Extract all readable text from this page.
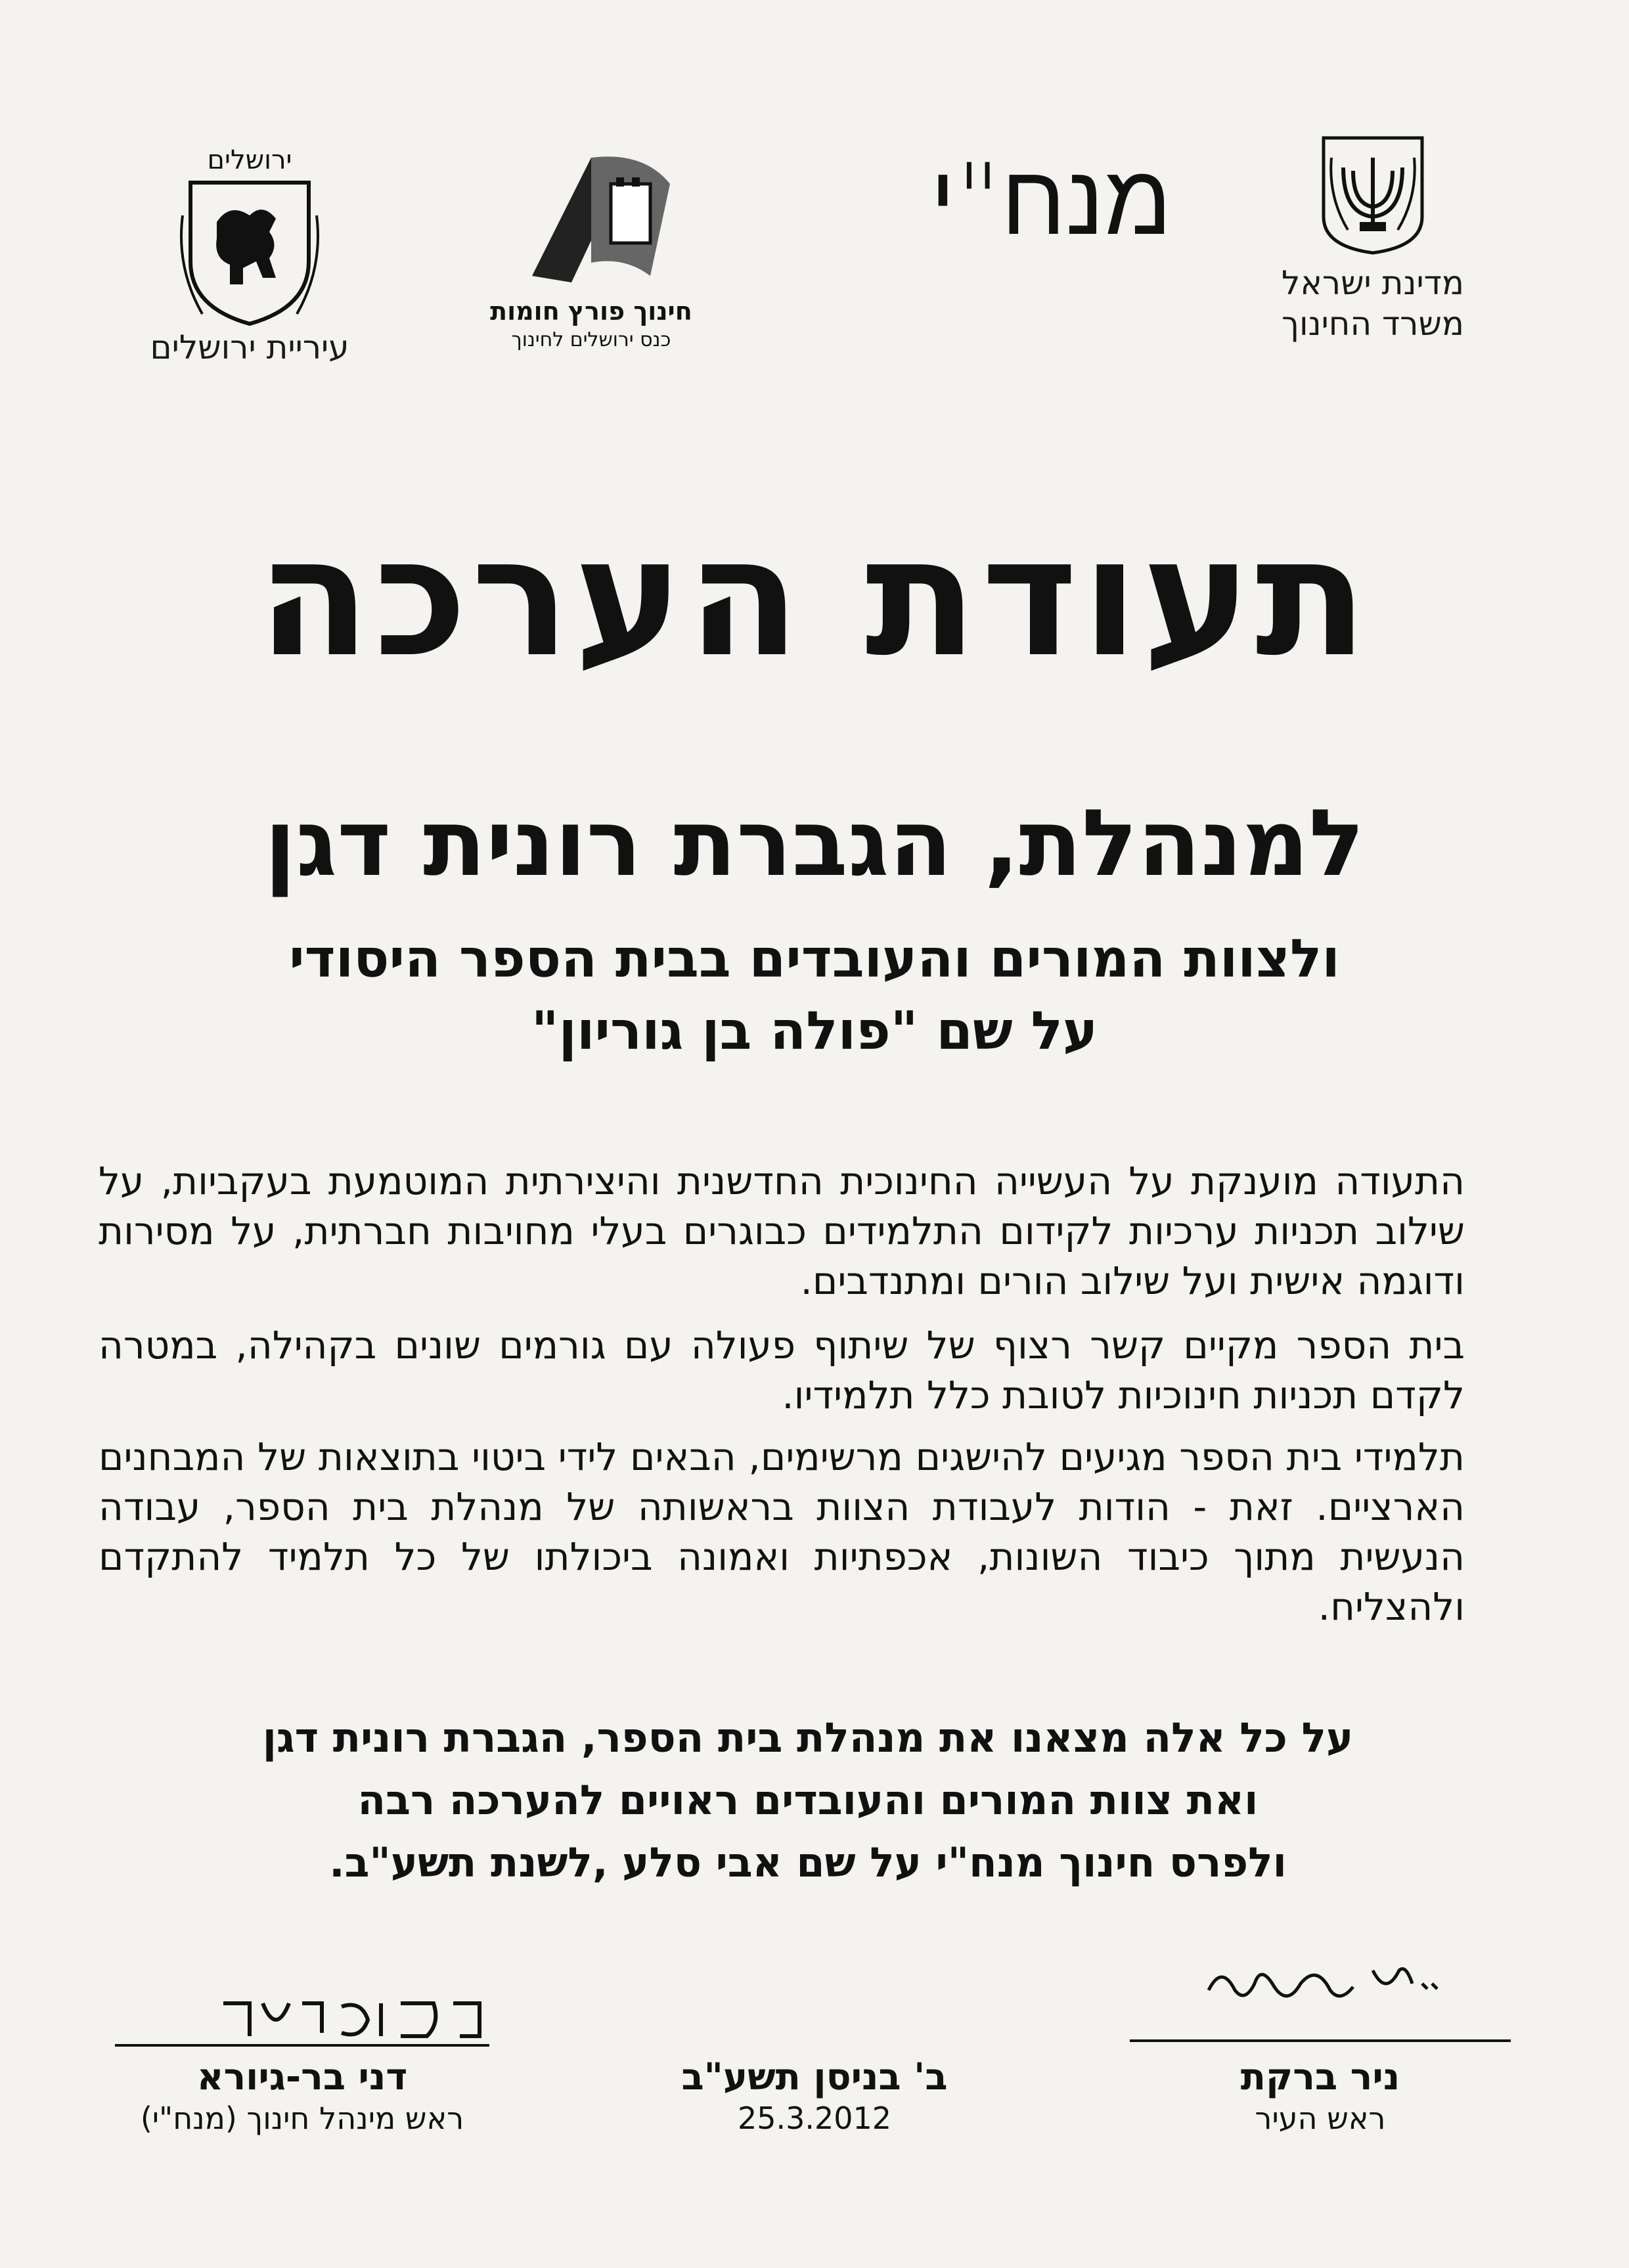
ירושלים
עיריית ירושלים
חינוך פורץ חומות
כנס ירושלים לחינוך
מנח"י
מדינת ישראל
משרד החינוך
תעודת הערכה
למנהלת, הגברת רונית דגן
ולצוות המורים והעובדים בבית הספר היסודי
על שם "פולה בן גוריון"
התעודה מוענקת על העשייה החינוכית החדשנית והיצירתית המוטמעת בעקביות, על שילוב תכניות ערכיות לקידום התלמידים כבוגרים בעלי מחויבות חברתית, על מסירות ודוגמה אישית ועל שילוב הורים ומתנדבים.
בית הספר מקיים קשר רצוף של שיתוף פעולה עם גורמים שונים בקהילה, במטרה לקדם תכניות חינוכיות לטובת כלל תלמידיו.
תלמידי בית הספר מגיעים להישגים מרשימים, הבאים לידי ביטוי בתוצאות של המבחנים הארציים. זאת - הודות לעבודת הצוות בראשותה של מנהלת בית הספר, עבודה הנעשית מתוך כיבוד השונות, אכפתיות ואמונה ביכולתו של כל תלמיד להתקדם ולהצליח.
על כל אלה מצאנו את מנהלת בית הספר, הגברת רונית דגן
ואת צוות המורים והעובדים ראויים להערכה רבה
ולפרס חינוך מנח"י על שם אבי סלע ,לשנת תשע"ב.
ניר ברקת
ראש העיר
ב' בניסן תשע"ב
25.3.2012
דני בר-גיורא
ראש מינהל חינוך (מנח"י)
